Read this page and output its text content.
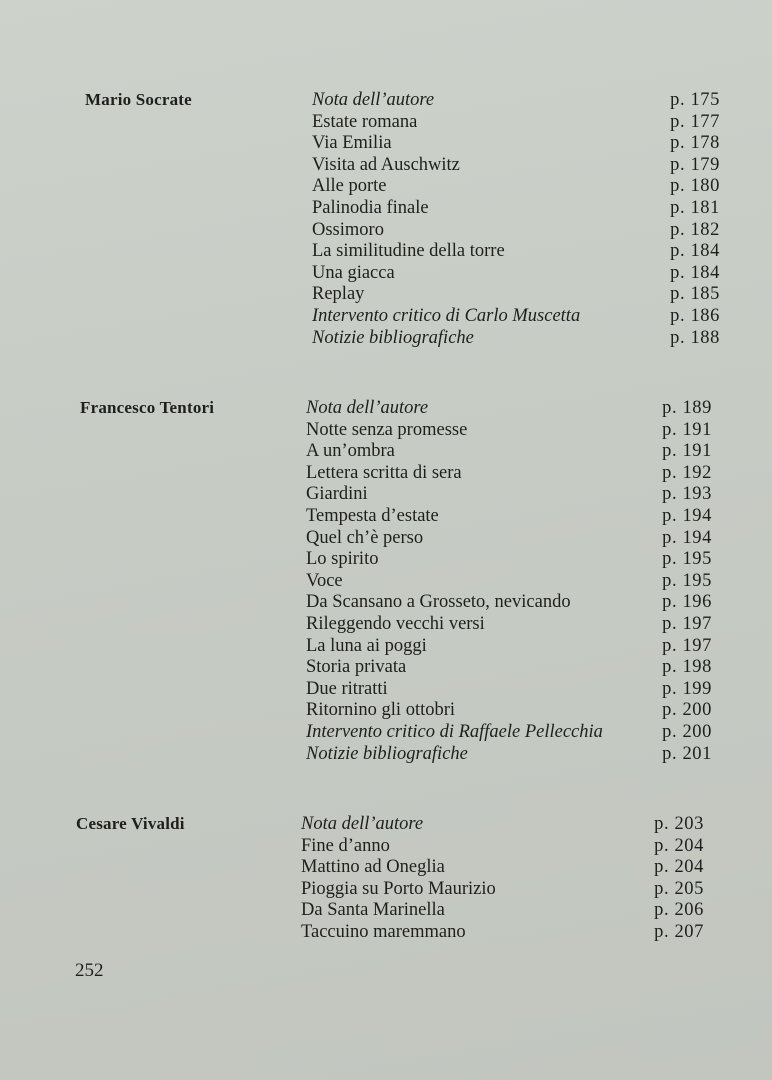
Mario Socrate	Nota dell’autore	p. 175
Estate romana	p. 177
Via Emilia	p. 178
Visita ad Auschwitz	p. 179
Alle porte	p. 180
Palinodia finale	p. 181
Ossimoro	p. 182
La similitudine della torre	p. 184
Una giacca	p. 184
Replay	p. 185
Intervento critico di Carlo Muscetta	p. 186
Notizie bibliografiche	p. 188
Francesco Tentori	Nota dell’autore	p. 189
Notte senza promesse	p. 191
A un’ombra	p. 191
Lettera scritta di sera	p. 192
Giardini	p. 193
Tempesta d’estate	p. 194
Quel ch’è perso	p. 194
Lo spirito	p. 195
Voce	p. 195
Da Scansano a Grosseto, nevicando	p. 196
Rileggendo vecchi versi	p. 197
La luna ai poggi	p. 197
Storia privata	p. 198
Due ritratti	p. 199
Ritornino gli ottobri	p. 200
Intervento critico di Raffaele Pellecchia	p. 200
Notizie bibliografiche	p. 201
Cesare Vivaldi	Nota dell’autore	p. 203
Fine d’anno	p. 204
Mattino ad Oneglia	p. 204
Pioggia su Porto Maurizio	p. 205
Da Santa Marinella	p. 206
Taccuino maremmano	p. 207
252
